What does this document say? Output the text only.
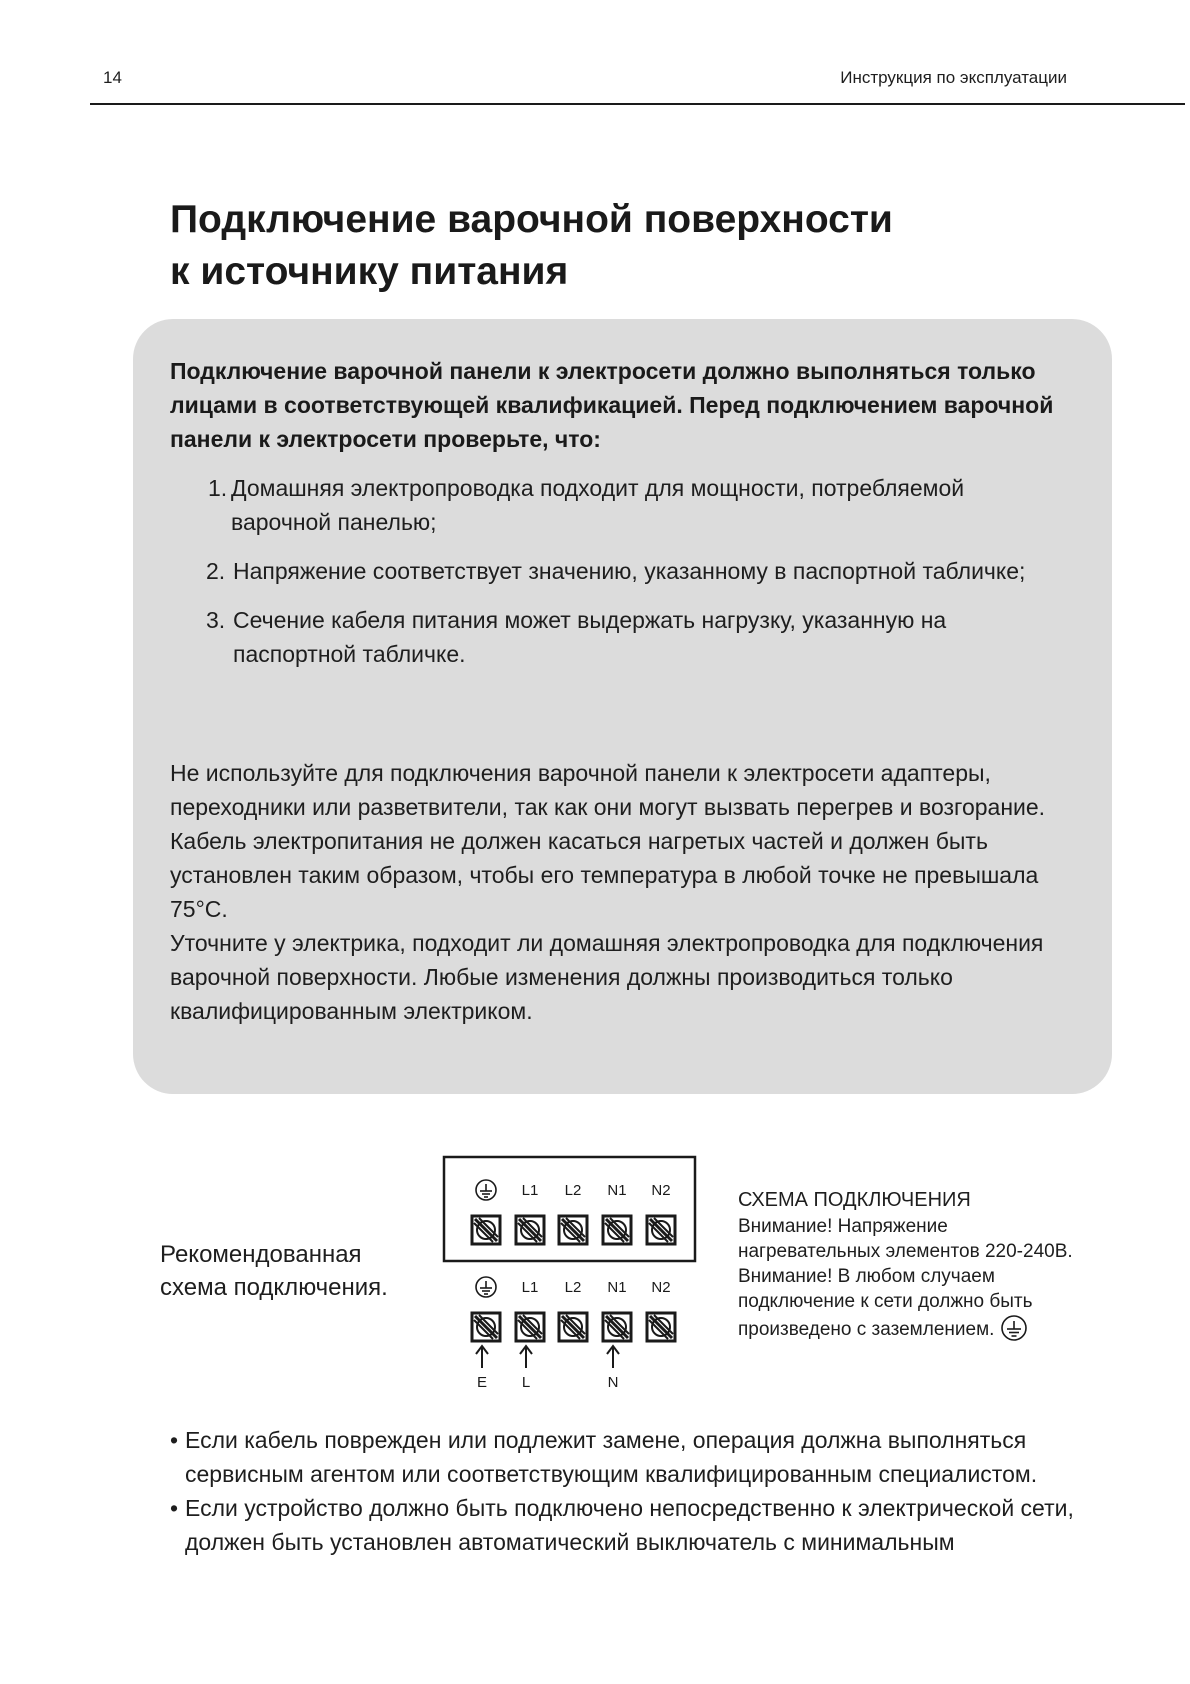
14	Инструкция по эксплуатации
Подключение варочной поверхности
к источнику питания

Подключение варочной панели к электросети должно выполняться только лицами в соответствующей квалификацией. Перед подключением варочной панели к электросети проверьте, что:

1. Домашняя электропроводка подходит для мощности, потребляемой варочной панелью;
2. Напряжение соответствует значению, указанному в паспортной табличке;
3. Сечение кабеля питания может выдержать нагрузку, указанную на паспортной табличке.

Не используйте для подключения варочной панели к электросети адаптеры, переходники или разветвители, так как они могут вызвать перегрев и возгорание.

Кабель электропитания не должен касаться нагретых частей и должен быть установлен таким образом, чтобы его температура в любой точке не превышала 75°С.

Уточните у электрика, подходит ли домашняя электропроводка для подключения варочной поверхности. Любые изменения должны производиться только квалифицированным электриком.

Рекомендованная
схема подключения.
L1 L2 N1 N2
L1 L2 N1 N2
E L	N
СХЕМА ПОДКЛЮЧЕНИЯ
Внимание! Напряжение
нагревательных элементов 220-240В.
Внимание! В любом случаем
подключение к сети должно быть
произведено с заземлением.
• Если кабель поврежден или подлежит замене, операция должна выполняться сервисным агентом или соответствующим квалифицированным специалистом.
• Если устройство должно быть подключено непосредственно к электрической сети, должен быть установлен автоматический выключатель с минимальным
